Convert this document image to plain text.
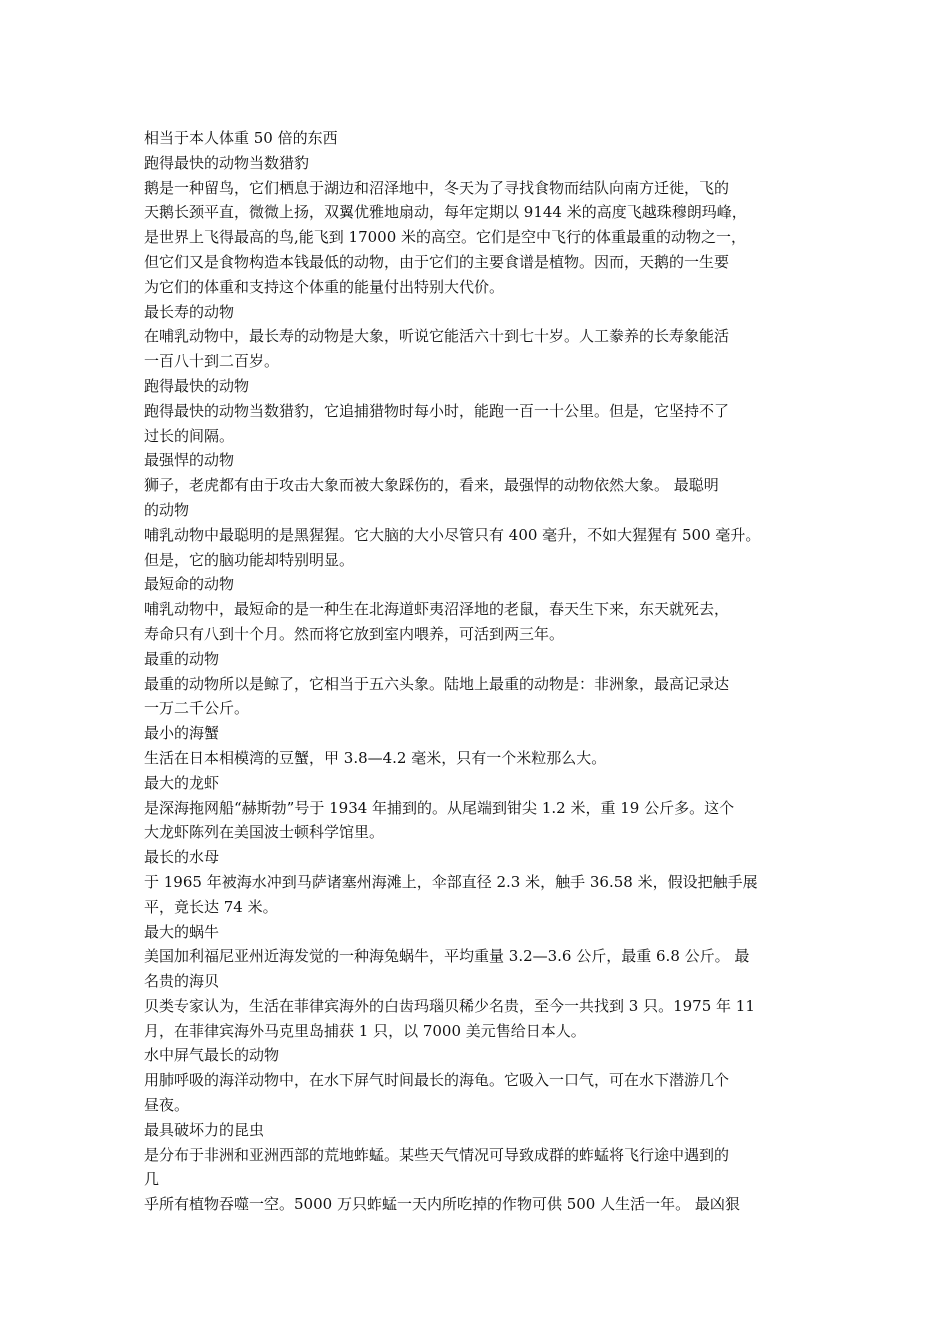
相当于本人体重 50 倍的东西
跑得最快的动物当数猎豹
鹅是一种留鸟，它们栖息于湖边和沼泽地中，冬天为了寻找食物而结队向南方迁徙，飞的
天鹅长颈平直，微微上扬，双翼优雅地扇动，每年定期以 9144 米的高度飞越珠穆朗玛峰，
是世界上飞得最高的鸟,能飞到 17000 米的高空。它们是空中飞行的体重最重的动物之一，
但它们又是食物构造本钱最低的动物，由于它们的主要食谱是植物。因而，天鹅的一生要
为它们的体重和支持这个体重的能量付出特别大代价。
最长寿的动物
在哺乳动物中，最长寿的动物是大象，听说它能活六十到七十岁。人工豢养的长寿象能活
一百八十到二百岁。
跑得最快的动物
跑得最快的动物当数猎豹，它追捕猎物时每小时，能跑一百一十公里。但是，它坚持不了
过长的间隔。
最强悍的动物
狮子，老虎都有由于攻击大象而被大象踩伤的，看来，最强悍的动物依然大象。 最聪明
的动物
哺乳动物中最聪明的是黑猩猩。它大脑的大小尽管只有 400 毫升，不如大猩猩有 500 毫升。
但是，它的脑功能却特别明显。
最短命的动物
哺乳动物中，最短命的是一种生在北海道虾夷沼泽地的老鼠，春天生下来，东天就死去，
寿命只有八到十个月。然而将它放到室内喂养，可活到两三年。
最重的动物
最重的动物所以是鲸了，它相当于五六头象。陆地上最重的动物是：非洲象，最高记录达
一万二千公斤。
最小的海蟹
生活在日本相模湾的豆蟹，甲 3.8—4.2 毫米，只有一个米粒那么大。
最大的龙虾
是深海拖网船“赫斯勃”号于 1934 年捕到的。从尾端到钳尖 1.2 米，重 19 公斤多。这个
大龙虾陈列在美国波士顿科学馆里。
最长的水母
于 1965 年被海水冲到马萨诸塞州海滩上，伞部直径 2.3 米，触手 36.58 米，假设把触手展
平，竟长达 74 米。
最大的蜗牛
美国加利福尼亚州近海发觉的一种海兔蜗牛，平均重量 3.2—3.6 公斤，最重 6.8 公斤。 最
名贵的海贝
贝类专家认为，生活在菲律宾海外的白齿玛瑙贝稀少名贵，至今一共找到 3 只。1975 年 11
月，在菲律宾海外马克里岛捕获 1 只，以 7000 美元售给日本人。
水中屏气最长的动物
用肺呼吸的海洋动物中，在水下屏气时间最长的海龟。它吸入一口气，可在水下潜游几个
昼夜。
最具破坏力的昆虫
是分布于非洲和亚洲西部的荒地蚱蜢。某些天气情况可导致成群的蚱蜢将飞行途中遇到的
几
乎所有植物吞噬一空。5000 万只蚱蜢一天内所吃掉的作物可供 500 人生活一年。 最凶狠
